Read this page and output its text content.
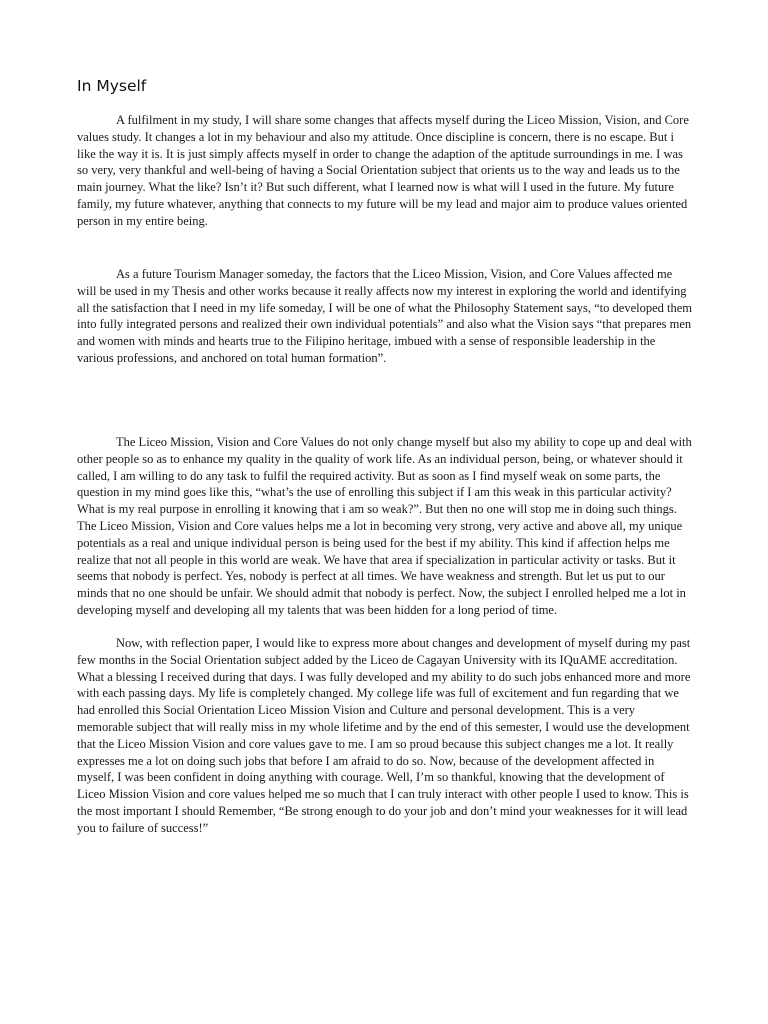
In Myself

A fulfilment in my study, I will share some changes that affects myself during the Liceo Mission, Vision, and Core values study. It changes a lot in my behaviour and also my attitude. Once discipline is concern, there is no escape. But i like the way it is. It is just simply affects myself in order to change the adaption of the aptitude surroundings in me. I was so very, very thankful and well-being of having a Social Orientation subject that orients us to the way and leads us to the main journey. What the like? Isn’t it? But such different, what I learned now is what will I used in the future. My future family, my future whatever, anything that connects to my future will be my lead and major aim to produce values oriented person in my entire being.

As a future Tourism Manager someday, the factors that the Liceo Mission, Vision, and Core Values affected me will be used in my Thesis and other works because it really affects now my interest in exploring the world and identifying all the satisfaction that I need in my life someday, I will be one of what the Philosophy Statement says, “to developed them into fully integrated persons and realized their own individual potentials” and also what the Vision says “that prepares men and women with minds and hearts true to the Filipino heritage, imbued with a sense of responsible leadership in the various professions, and anchored on total human formation”.

The Liceo Mission, Vision and Core Values do not only change myself but also my ability to cope up and deal with other people so as to enhance my quality in the quality of work life. As an individual person, being, or whatever should it called, I am willing to do any task to fulfil the required activity. But as soon as I find myself weak on some parts, the question in my mind goes like this, “what’s the use of enrolling this subject if I am this weak in this particular activity? What is my real purpose in enrolling it knowing that i am so weak?”. But then no one will stop me in doing such things. The Liceo Mission, Vision and Core values helps me a lot in becoming very strong, very active and above all, my unique potentials as a real and unique individual person is being used for the best if my ability. This kind if affection helps me realize that not all people in this world are weak. We have that area if specialization in particular activity or tasks. But it seems that nobody is perfect. Yes, nobody is perfect at all times. We have weakness and strength. But let us put to our minds that no one should be unfair. We should admit that nobody is perfect. Now, the subject I enrolled helped me a lot in developing myself and developing all my talents that was been hidden for a long period of time.

Now, with reflection paper, I would like to express more about changes and development of myself during my past few months in the Social Orientation subject added by the Liceo de Cagayan University with its IQuAME accreditation. What a blessing I received during that days. I was fully developed and my ability to do such jobs enhanced more and more with each passing days. My life is completely changed. My college life was full of excitement and fun regarding that we had enrolled this Social Orientation Liceo Mission Vision and Culture and personal development. This is a very memorable subject that will really miss in my whole lifetime and by the end of this semester, I would use the development that the Liceo Mission Vision and core values gave to me. I am so proud because this subject changes me a lot. It really expresses me a lot on doing such jobs that before I am afraid to do so. Now, because of the development affected in myself, I was been confident in doing anything with courage. Well, I’m so thankful, knowing that the development of Liceo Mission Vision and core values helped me so much that I can truly interact with other people I used to know. This is the most important I should Remember, “Be strong enough to do your job and don’t mind your weaknesses for it will lead you to failure of success!”
